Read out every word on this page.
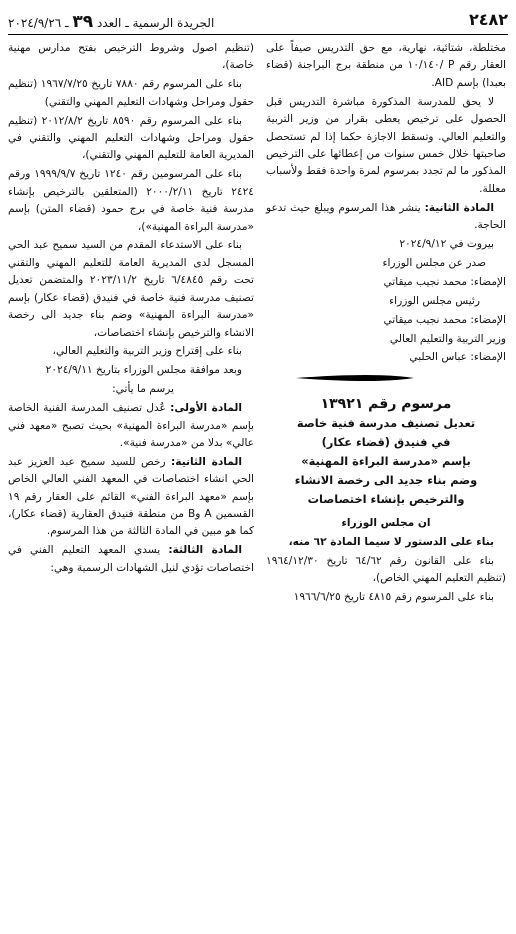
٢٤٨٢
الجريدة الرسمية ـ العدد ٣٩ ـ ٢٠٢٤/٩/٢٦

مختلطة، شتائية، نهارية، مع حق التدريس صيفاً على العقار رقم P /١٠/١٤٠ من منطقة برج البراجنة (قضاء بعبدا) بإسم AID.

لا يحق للمدرسة المذكورة مباشرة التدريس قبل الحصول على ترخيص يعطى بقرار من وزير التربية والتعليم العالي. وتسقط الاجازة حكما إذا لم تستحصل صاحبتها خلال خمس سنوات من إعطائها على الترخيص المذكور ما لم تجدد بمرسوم لمرة واحدة فقط ولأسباب معللة.

المادة الثانية: ينشر هذا المرسوم ويبلغ حيث تدعو الحاجة.

بيروت في ٢٠٢٤/٩/١٢

صدر عن مجلس الوزراء

الإمضاء: محمد نجيب ميقاتي

رئيس مجلس الوزراء

الإمضاء: محمد نجيب ميقاتي

وزير التربية والتعليم العالي

الإمضاء: عباس الحلبي

مرسوم رقم ١٣٩٢١
تعديل تصنيف مدرسة فنية خاصة
في فنيدق (قضاء عكار)
بإسم «مدرسة البراءة المهنية»
وضم بناء جديد الى رخصة الانشاء والترخيص بإنشاء اختصاصات

ان مجلس الوزراء

بناء على الدستور لا سيما المادة ٦٢ منه،

بناء على القانون رقم ٦٤/٦٢ تاريخ ١٩٦٤/١٢/٣٠ (تنظيم التعليم المهني الخاص)،

بناء على المرسوم رقم ٤٨١٥ تاريخ ١٩٦٦/٦/٢٥

(تنظيم اصول وشروط الترخيص بفتح مدارس مهنية خاصة)،

بناء على المرسوم رقم ٧٨٨٠ تاريخ ١٩٦٧/٧/٢٥ (تنظيم حقول ومراحل وشهادات التعليم المهني والتقني)

بناء على المرسوم رقم ٨٥٩٠ تاريخ ٢٠١٢/٨/٢ (تنظيم حقول ومراحل وشهادات التعليم المهني والتقني في المديرية العامة للتعليم المهني والتقني)،

بناء على المرسومين رقم ١٢٤٠ تاريخ ١٩٩٩/٩/٧ ورقم ٢٤٢٤ تاريخ ٢٠٠٠/٢/١١ (المتعلقين بالترخيص بإنشاء مدرسة فنية خاصة في برج حمود (قضاء المتن) بإسم «مدرسة البراءة المهنية»)،

بناء على الاستدعاء المقدم من السيد سميح عبد الحي المسجل لدى المديرية العامة للتعليم المهني والتقني تحت رقم ٦/٤٨٤٥ تاريخ ٢٠٢٣/١١/٢ والمتضمن تعديل تصنيف مدرسة فنية خاصة في فنيدق (قضاء عكار) بإسم «مدرسة البراءة المهنية» وضم بناء جديد الى رخصة الانشاء والترخيص بإنشاء اختصاصات،

بناء على إقتراح وزير التربية والتعليم العالي،

وبعد موافقة مجلس الوزراء بتاريخ ٢٠٢٤/٩/١١

يرسم ما يأتي:

المادة الأولى: عُدل تصنيف المدرسة الفنية الخاصة بإسم «مدرسة البراءة المهنية» بحيث تصبح «معهد فني عالي» بدلا من «مدرسة فنية».

المادة الثانية: رخص للسيد سميح عبد العزيز عبد الحي انشاء اختصاصات في المعهد الفني العالي الخاص بإسم «معهد البراءة الفني» القائم على العقار رقم ١٩ القسمين A وB من منطقة فنيدق العقارية (قضاء عكار)، كما هو مبين في المادة الثالثة من هذا المرسوم.

المادة الثالثة: يسدي المعهد التعليم الفني في اختصاصات تؤدي لنيل الشهادات الرسمية وهي:
